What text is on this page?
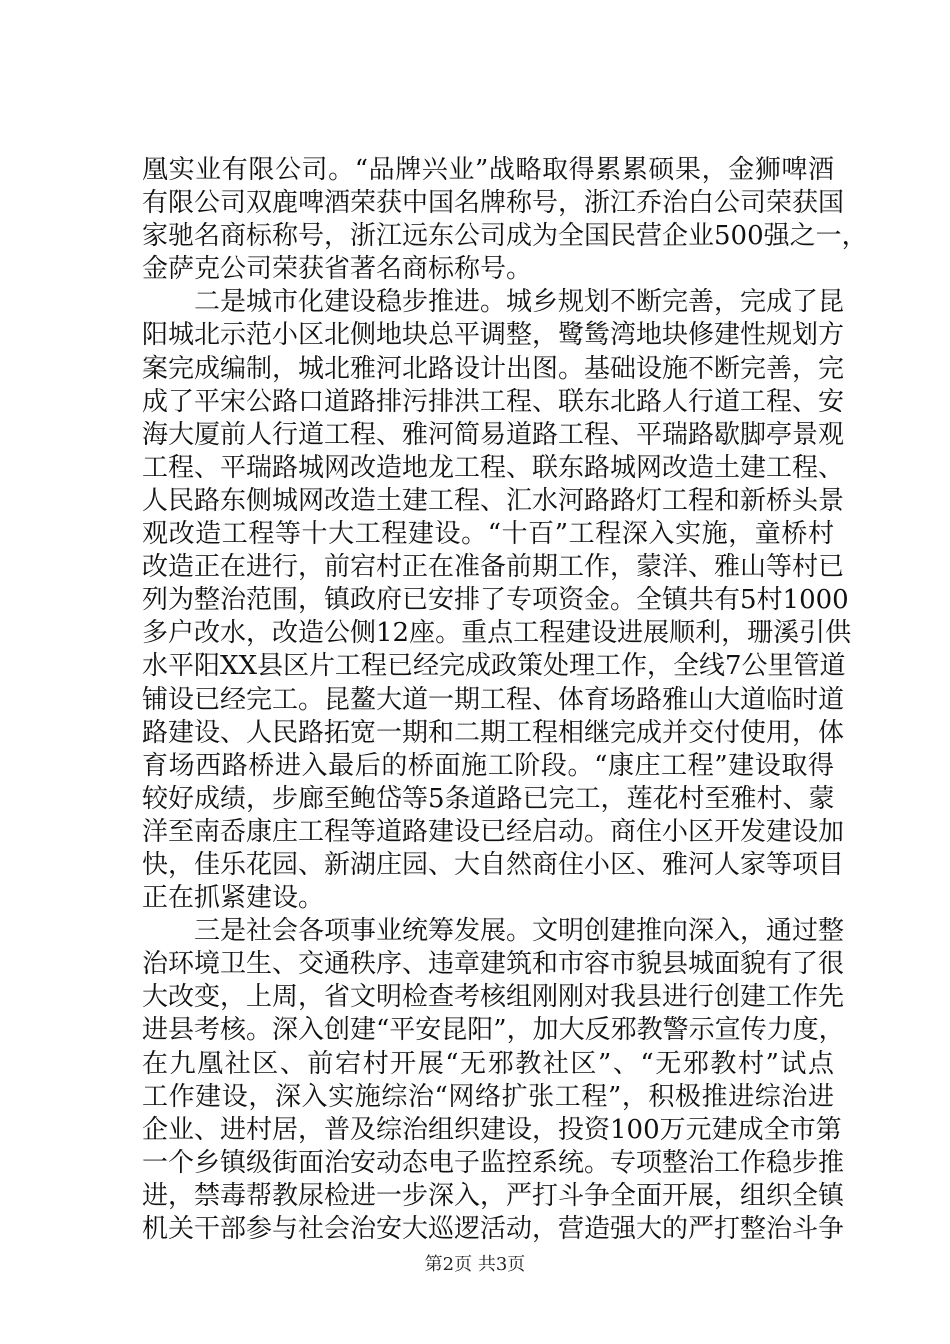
凰实业有限公司。“品牌兴业”战略取得累累硕果，金狮啤酒
有限公司双鹿啤酒荣获中国名牌称号，浙江乔治白公司荣获国
家驰名商标称号，浙江远东公司成为全国民营企业500强之一，
金萨克公司荣获省著名商标称号。
　　二是城市化建设稳步推进。城乡规划不断完善，完成了昆
阳城北示范小区北侧地块总平调整，鹭鸶湾地块修建性规划方
案完成编制，城北雅河北路设计出图。基础设施不断完善，完
成了平宋公路口道路排污排洪工程、联东北路人行道工程、安
海大厦前人行道工程、雅河简易道路工程、平瑞路歇脚亭景观
工程、平瑞路城网改造地龙工程、联东路城网改造土建工程、
人民路东侧城网改造土建工程、汇水河路路灯工程和新桥头景
观改造工程等十大工程建设。“十百”工程深入实施，童桥村
改造正在进行，前宕村正在准备前期工作，蒙洋、雅山等村已
列为整治范围，镇政府已安排了专项资金。全镇共有5村1000
多户改水，改造公侧12座。重点工程建设进展顺利，珊溪引供
水平阳XX县区片工程已经完成政策处理工作，全线7公里管道
铺设已经完工。昆鳌大道一期工程、体育场路雅山大道临时道
路建设、人民路拓宽一期和二期工程相继完成并交付使用，体
育场西路桥进入最后的桥面施工阶段。“康庄工程”建设取得
较好成绩，步廊至鲍岱等5条道路已完工，莲花村至雅村、蒙
洋至南岙康庄工程等道路建设已经启动。商住小区开发建设加
快，佳乐花园、新湖庄园、大自然商住小区、雅河人家等项目
正在抓紧建设。
　　三是社会各项事业统筹发展。文明创建推向深入，通过整
治环境卫生、交通秩序、违章建筑和市容市貌县城面貌有了很
大改变，上周，省文明检查考核组刚刚对我县进行创建工作先
进县考核。深入创建“平安昆阳”，加大反邪教警示宣传力度，
在九凰社区、前宕村开展“无邪教社区”、“无邪教村”试点
工作建设，深入实施综治“网络扩张工程”，积极推进综治进
企业、进村居，普及综治组织建设，投资100万元建成全市第
一个乡镇级街面治安动态电子监控系统。专项整治工作稳步推
进，禁毒帮教尿检进一步深入，严打斗争全面开展，组织全镇
机关干部参与社会治安大巡逻活动，营造强大的严打整治斗争
第2页 共3页
